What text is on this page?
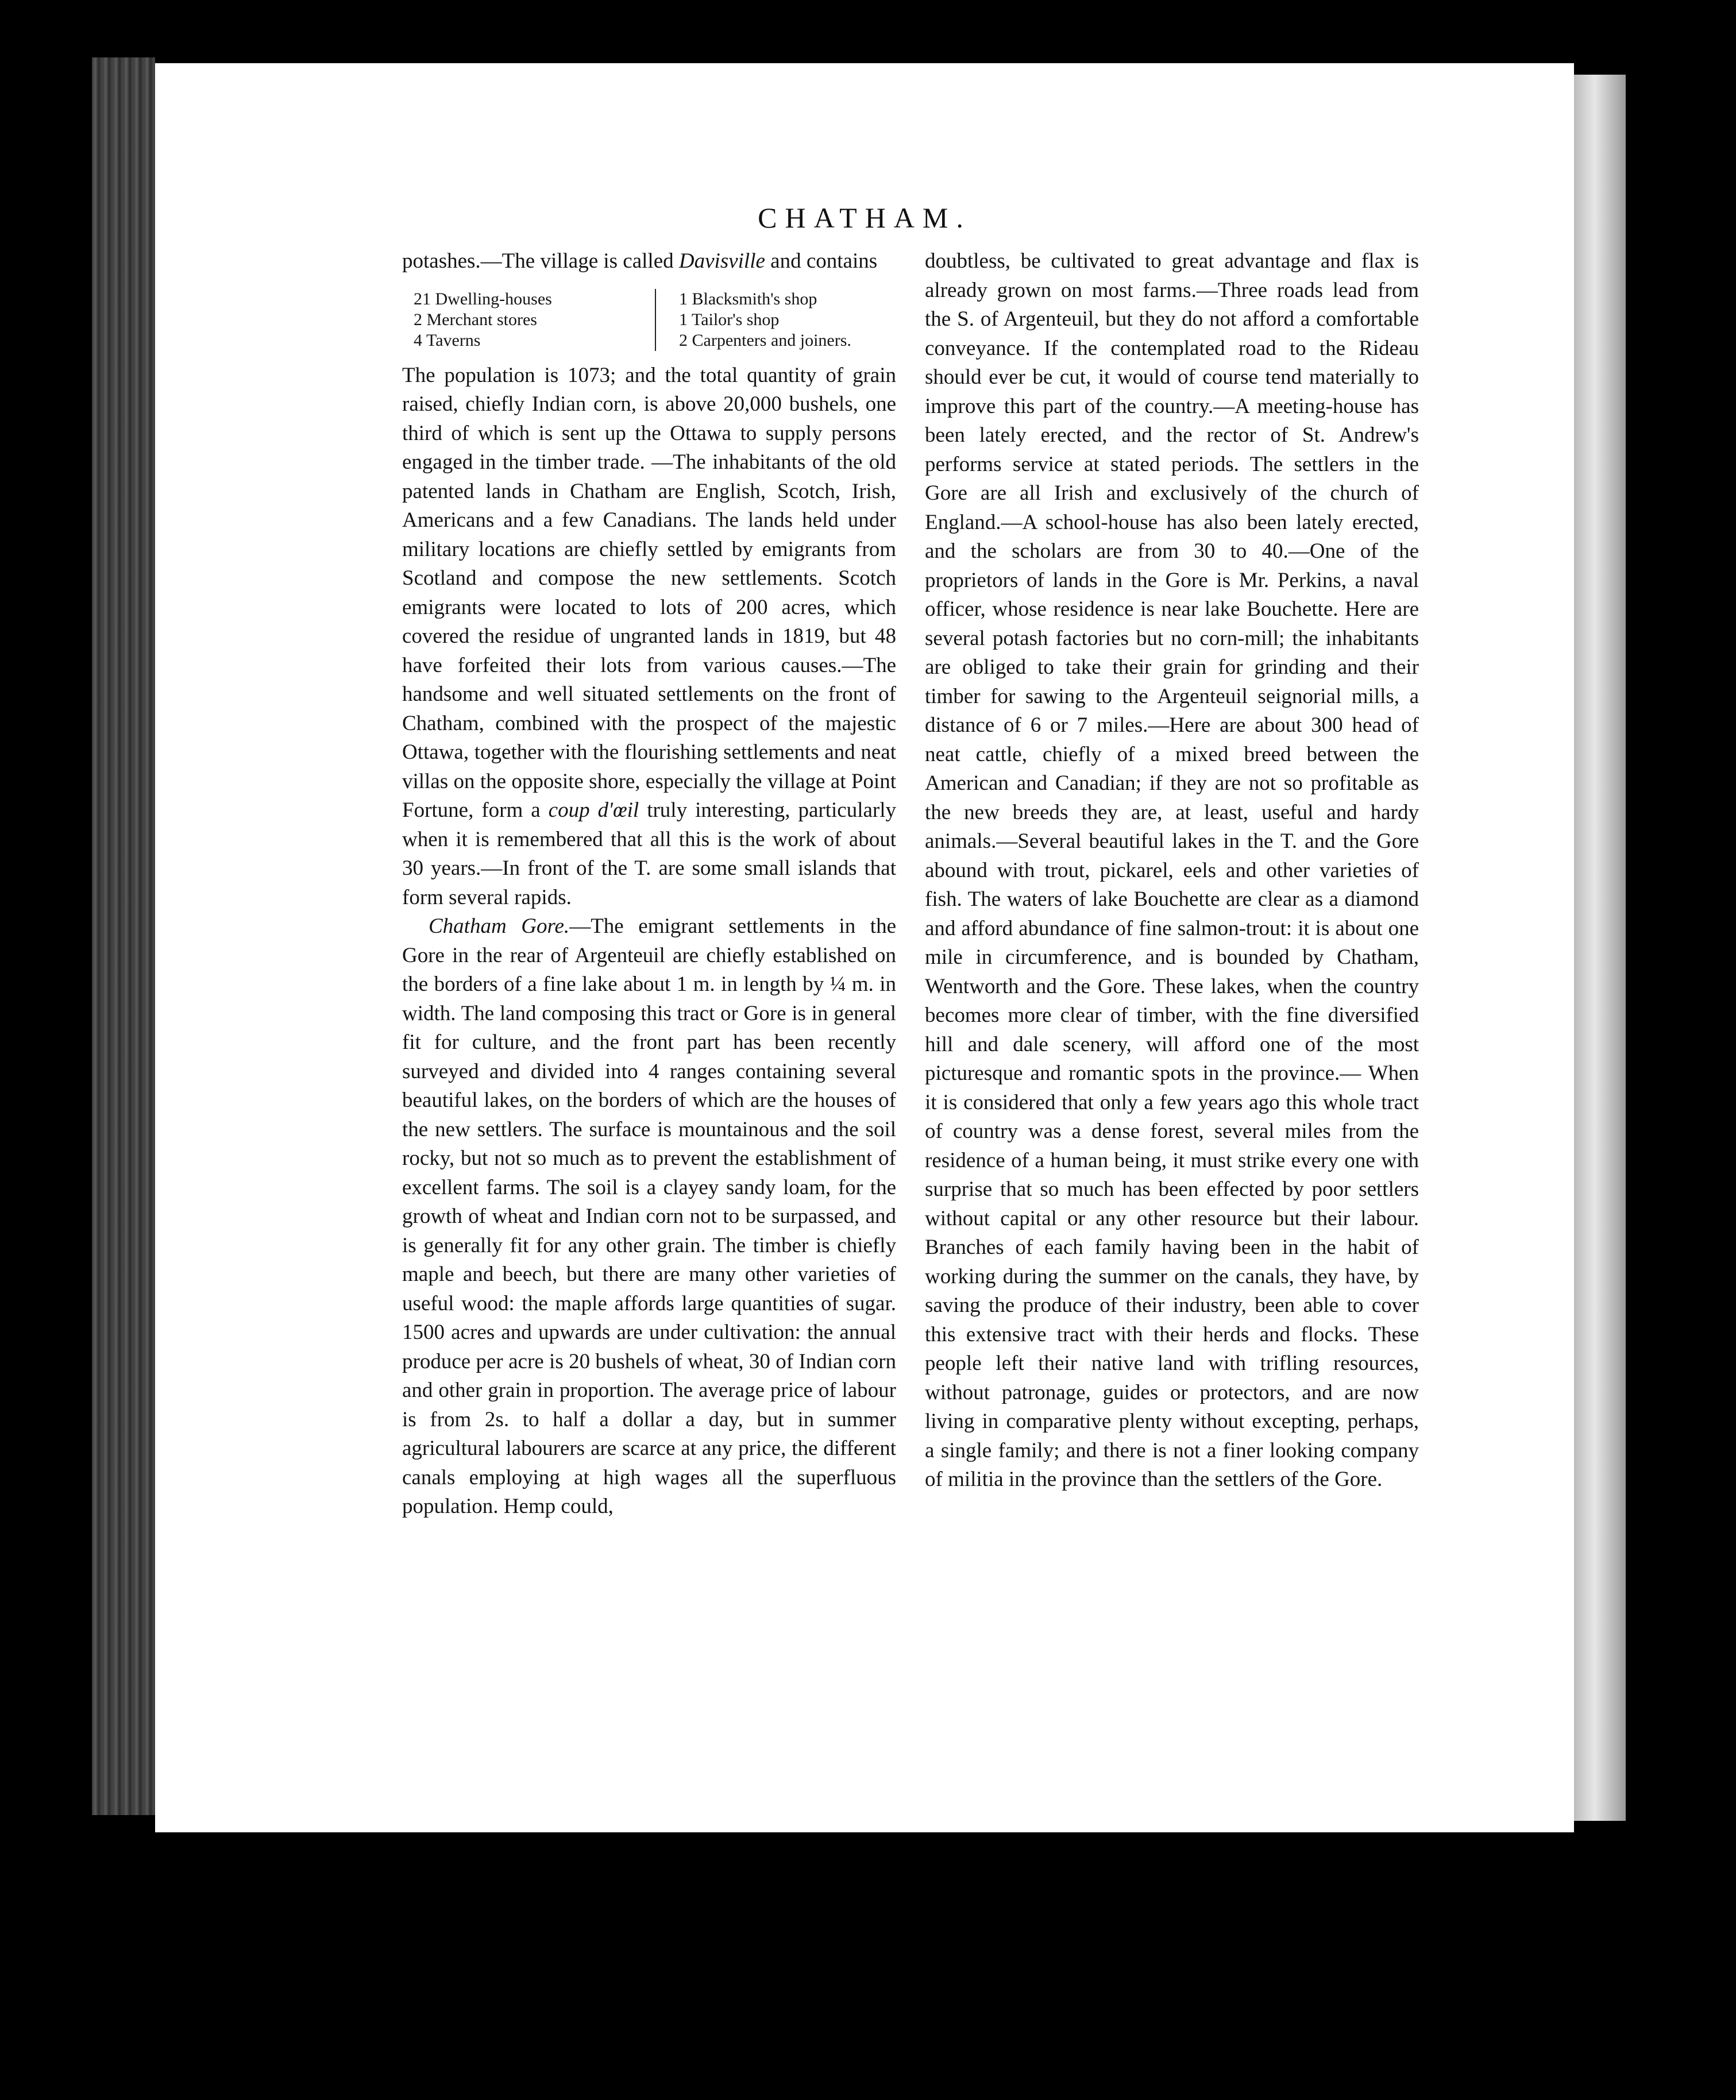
CHATHAM.

potashes.—The village is called Davisville and contains

21 Dwelling-houses
2 Merchant stores
4 Taverns
1 Blacksmith's shop
1 Tailor's shop
2 Carpenters and joiners.

The population is 1073; and the total quantity of grain raised, chiefly Indian corn, is above 20,000 bushels, one third of which is sent up the Ottawa to supply persons engaged in the timber trade. —The inhabitants of the old patented lands in Chatham are English, Scotch, Irish, Americans and a few Canadians. The lands held under military locations are chiefly settled by emigrants from Scotland and compose the new settlements. Scotch emigrants were located to lots of 200 acres, which covered the residue of ungranted lands in 1819, but 48 have forfeited their lots from various causes.—The handsome and well situated settlements on the front of Chatham, combined with the prospect of the majestic Ottawa, together with the flourishing settlements and neat villas on the opposite shore, especially the village at Point Fortune, form a coup d'œil truly interesting, particularly when it is remembered that all this is the work of about 30 years.—In front of the T. are some small islands that form several rapids.

Chatham Gore.—The emigrant settlements in the Gore in the rear of Argenteuil are chiefly established on the borders of a fine lake about 1 m. in length by ¼ m. in width. The land composing this tract or Gore is in general fit for culture, and the front part has been recently surveyed and divided into 4 ranges containing several beautiful lakes, on the borders of which are the houses of the new settlers. The surface is mountainous and the soil rocky, but not so much as to prevent the establishment of excellent farms. The soil is a clayey sandy loam, for the growth of wheat and Indian corn not to be surpassed, and is generally fit for any other grain. The timber is chiefly maple and beech, but there are many other varieties of useful wood: the maple affords large quantities of sugar. 1500 acres and upwards are under cultivation: the annual produce per acre is 20 bushels of wheat, 30 of Indian corn and other grain in proportion. The average price of labour is from 2s. to half a dollar a day, but in summer agricultural labourers are scarce at any price, the different canals employing at high wages all the superfluous population. Hemp could,

doubtless, be cultivated to great advantage and flax is already grown on most farms.—Three roads lead from the S. of Argenteuil, but they do not afford a comfortable conveyance. If the contemplated road to the Rideau should ever be cut, it would of course tend materially to improve this part of the country.—A meeting-house has been lately erected, and the rector of St. Andrew's performs service at stated periods. The settlers in the Gore are all Irish and exclusively of the church of England.—A school-house has also been lately erected, and the scholars are from 30 to 40.—One of the proprietors of lands in the Gore is Mr. Perkins, a naval officer, whose residence is near lake Bouchette. Here are several potash factories but no corn-mill; the inhabitants are obliged to take their grain for grinding and their timber for sawing to the Argenteuil seignorial mills, a distance of 6 or 7 miles.—Here are about 300 head of neat cattle, chiefly of a mixed breed between the American and Canadian; if they are not so profitable as the new breeds they are, at least, useful and hardy animals.—Several beautiful lakes in the T. and the Gore abound with trout, pickarel, eels and other varieties of fish. The waters of lake Bouchette are clear as a diamond and afford abundance of fine salmon-trout: it is about one mile in circumference, and is bounded by Chatham, Wentworth and the Gore. These lakes, when the country becomes more clear of timber, with the fine diversified hill and dale scenery, will afford one of the most picturesque and romantic spots in the province.— When it is considered that only a few years ago this whole tract of country was a dense forest, several miles from the residence of a human being, it must strike every one with surprise that so much has been effected by poor settlers without capital or any other resource but their labour. Branches of each family having been in the habit of working during the summer on the canals, they have, by saving the produce of their industry, been able to cover this extensive tract with their herds and flocks. These people left their native land with trifling resources, without patronage, guides or protectors, and are now living in comparative plenty without excepting, perhaps, a single family; and there is not a finer looking company of militia in the province than the settlers of the Gore.
